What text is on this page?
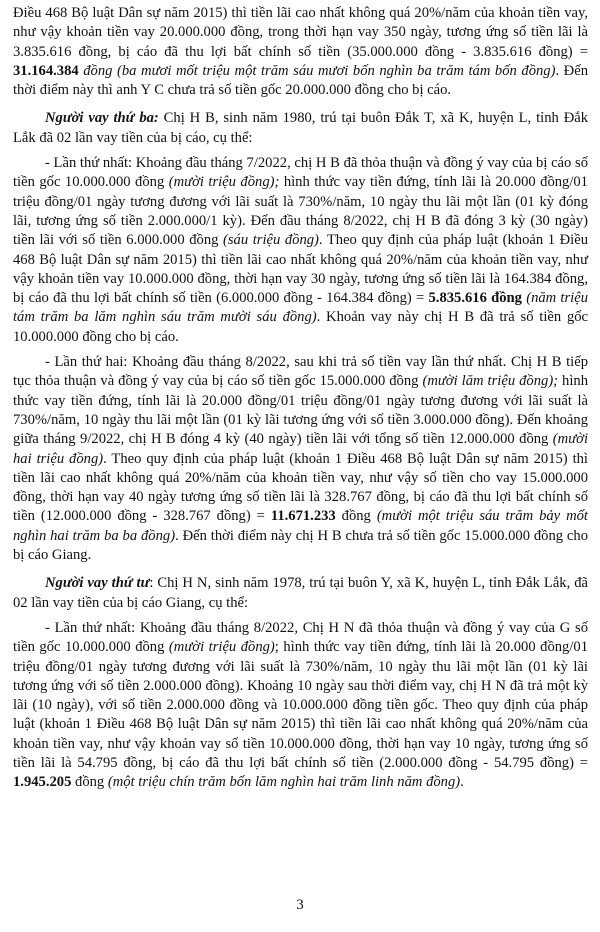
Điều 468 Bộ luật Dân sự năm 2015) thì tiền lãi cao nhất không quá 20%/năm của khoản tiền vay, như vậy khoản tiền vay 20.000.000 đồng, trong thời hạn vay 350 ngày, tương ứng số tiền lãi là 3.835.616 đồng, bị cáo đã thu lợi bất chính số tiền (35.000.000 đồng - 3.835.616 đồng) = 31.164.384 đồng (ba mươi mốt triệu một trăm sáu mươi bốn nghìn ba trăm tám bốn đồng). Đến thời điểm này thì anh Y C chưa trả số tiền gốc 20.000.000 đồng cho bị cáo.

Người vay thứ ba: Chị H B, sinh năm 1980, trú tại buôn Đắk T, xã K, huyện L, tỉnh Đắk Lắk đã 02 lần vay tiền của bị cáo, cụ thể:

- Lần thứ nhất: Khoảng đầu tháng 7/2022, chị H B đã thỏa thuận và đồng ý vay của bị cáo số tiền gốc 10.000.000 đồng (mười triệu đồng); hình thức vay tiền đứng, tính lãi là 20.000 đồng/01 triệu đồng/01 ngày tương đương với lãi suất là 730%/năm, 10 ngày thu lãi một lần (01 kỳ đóng lãi, tương ứng số tiền 2.000.000/1 kỳ). Đến đầu tháng 8/2022, chị H B đã đóng 3 kỳ (30 ngày) tiền lãi với số tiền 6.000.000 đồng (sáu triệu đồng). Theo quy định của pháp luật (khoản 1 Điều 468 Bộ luật Dân sự năm 2015) thì tiền lãi cao nhất không quá 20%/năm của khoản tiền vay, như vậy khoản tiền vay 10.000.000 đồng, thời hạn vay 30 ngày, tương ứng số tiền lãi là 164.384 đồng, bị cáo đã thu lợi bất chính số tiền (6.000.000 đồng - 164.384 đồng) = 5.835.616 đồng (năm triệu tám trăm ba lăm nghìn sáu trăm mười sáu đồng). Khoản vay này chị H B đã trả số tiền gốc 10.000.000 đồng cho bị cáo.

- Lần thứ hai: Khoảng đầu tháng 8/2022, sau khi trả số tiền vay lần thứ nhất. Chị H B tiếp tục thỏa thuận và đồng ý vay của bị cáo số tiền gốc 15.000.000 đồng (mười lăm triệu đồng); hình thức vay tiền đứng, tính lãi là 20.000 đồng/01 triệu đồng/01 ngày tương đương với lãi suất là 730%/năm, 10 ngày thu lãi một lần (01 kỳ lãi tương ứng với số tiền 3.000.000 đồng). Đến khoảng giữa tháng 9/2022, chị H B đóng 4 kỳ (40 ngày) tiền lãi với tổng số tiền 12.000.000 đồng (mười hai triệu đồng). Theo quy định của pháp luật (khoản 1 Điều 468 Bộ luật Dân sự năm 2015) thì tiền lãi cao nhất không quá 20%/năm của khoản tiền vay, như vậy số tiền cho vay 15.000.000 đồng, thời hạn vay 40 ngày tương ứng số tiền lãi là 328.767 đồng, bị cáo đã thu lợi bất chính số tiền (12.000.000 đồng - 328.767 đồng) = 11.671.233 đồng (mười một triệu sáu trăm bảy mốt nghìn hai trăm ba ba đồng). Đến thời điểm này chị H B chưa trả số tiền gốc 15.000.000 đồng cho bị cáo Giang.

Người vay thứ tư: Chị H N, sinh năm 1978, trú tại buôn Y, xã K, huyện L, tỉnh Đắk Lắk, đã 02 lần vay tiền của bị cáo Giang, cụ thể:

- Lần thứ nhất: Khoảng đầu tháng 8/2022, Chị H N đã thỏa thuận và đồng ý vay của G số tiền gốc 10.000.000 đồng (mười triệu đồng); hình thức vay tiền đứng, tính lãi là 20.000 đồng/01 triệu đồng/01 ngày tương đương với lãi suất là 730%/năm, 10 ngày thu lãi một lần (01 kỳ lãi tương ứng với số tiền 2.000.000 đồng). Khoảng 10 ngày sau thời điểm vay, chị H N đã trả một kỳ lãi (10 ngày), với số tiền 2.000.000 đồng và 10.000.000 đồng tiền gốc. Theo quy định của pháp luật (khoản 1 Điều 468 Bộ luật Dân sự năm 2015) thì tiền lãi cao nhất không quá 20%/năm của khoản tiền vay, như vậy khoản vay số tiền 10.000.000 đồng, thời hạn vay 10 ngày, tương ứng số tiền lãi là 54.795 đồng, bị cáo đã thu lợi bất chính số tiền (2.000.000 đồng - 54.795 đồng) = 1.945.205 đồng (một triệu chín trăm bốn lăm nghìn hai trăm linh năm đồng).

3
